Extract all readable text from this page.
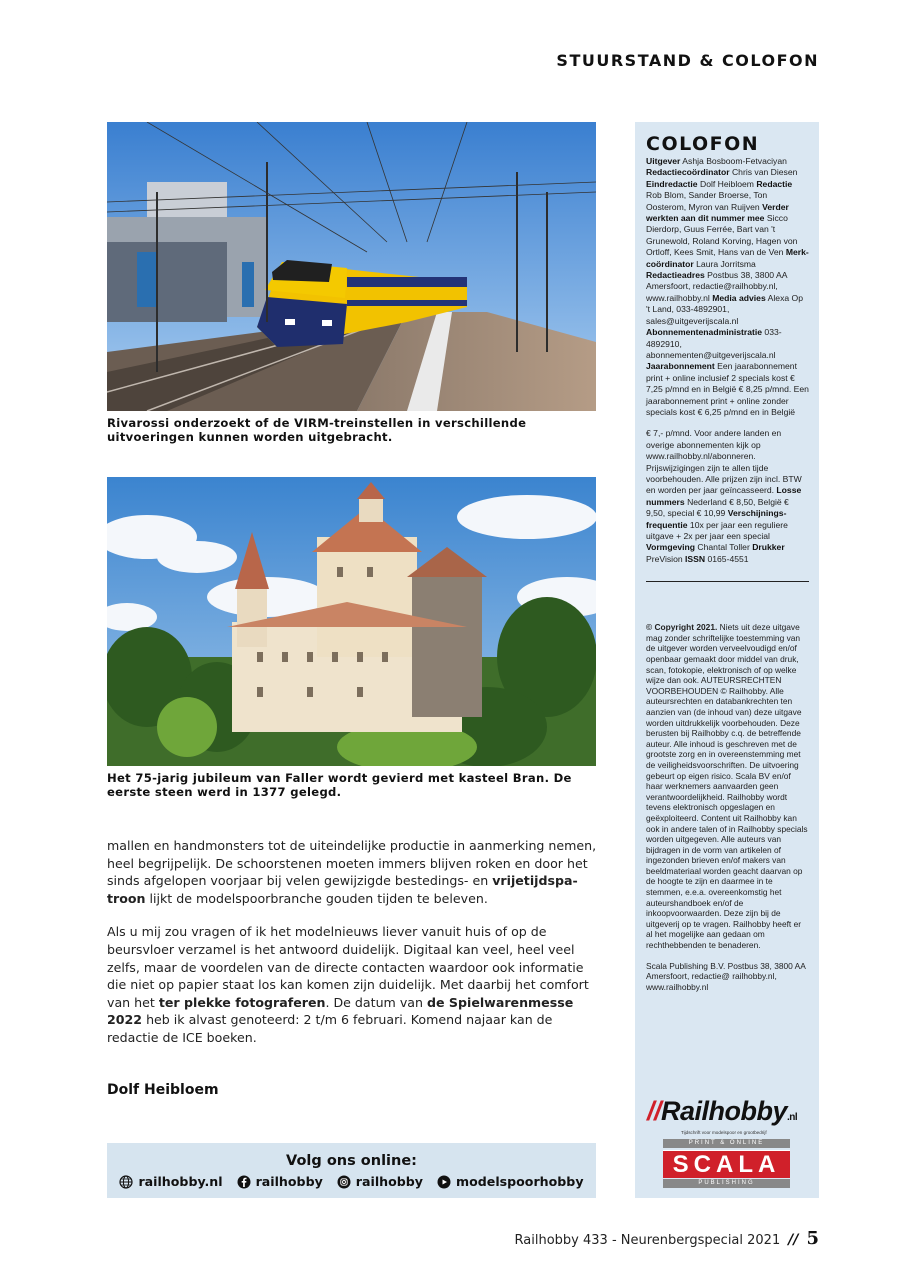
STUURSTAND & COLOFON
Rivarossi onderzoekt of de VIRM-treinstellen in verschillende uitvoeringen kunnen worden uitgebracht.
Het 75-jarig jubileum van Faller wordt gevierd met kasteel Bran. De eerste steen werd in 1377 gelegd.

mallen en handmonsters tot de uiteindelijke productie in aanmerking nemen, heel begrijpelijk. De schoorstenen moeten immers blijven roken en door het sinds afgelopen voorjaar bij velen gewijzigde bestedings- en vrijetijdspatroon lijkt de modelspoorbranche gouden tijden te beleven.

Als u mij zou vragen of ik het modelnieuws liever vanuit huis of op de beursvloer verzamel is het antwoord duidelijk. Digitaal kan veel, heel veel zelfs, maar de voordelen van de directe contacten waardoor ook informatie die niet op papier staat los kan komen zijn duidelijk. Met daarbij het comfort van het ter plekke fotograferen. De datum van de Spielwarenmesse 2022 heb ik alvast genoteerd: 2 t/m 6 februari. Komend najaar kan de redactie de ICE boeken.

Dolf Heibloem
Volg ons online:
railhobby.nl	railhobby	railhobby	modelspoorhobby
COLOFON

Uitgever Ashja Bosboom-Fetvaciyan Redactiecoördinator Chris van Diesen Eindredactie Dolf Heibloem Redactie Rob Blom, Sander Broerse, Ton Oosterom, Myron van Ruijven Verder werkten aan dit nummer mee Sicco Dierdorp, Guus Ferrée, Bart van 't Grunewold, Roland Korving, Hagen von Ortloff, Kees Smit, Hans van de Ven Merkcoördinator Laura Jorritsma Redactieadres Postbus 38, 3800 AA Amersfoort, redactie@railhobby.nl, www.railhobby.nl Media advies Alexa Op 't Land, 033-4892901, sales@uitgeverijscala.nl Abonnementenadministratie 033-4892910, abonnementen@uitgeverijscala.nl Jaarabonnement Een jaarabonnement print + online inclusief 2 specials kost € 7,25 p/mnd en in België € 8,25 p/mnd. Een jaarabonnement print + online zonder specials kost € 6,25 p/mnd en in België

€ 7,- p/mnd. Voor andere landen en overige abonnementen kijk op www.railhobby.nl/abonneren. Prijswijzigingen zijn te allen tijde voorbehouden. Alle prijzen zijn incl. BTW en worden per jaar geïncasseerd. Losse nummers Nederland € 8,50, België € 9,50, special € 10,99 Verschijningsfrequentie 10x per jaar een reguliere uitgave + 2x per jaar een special Vormgeving Chantal Toller Drukker PreVision ISSN 0165-4551

© Copyright 2021. Niets uit deze uitgave mag zonder schriftelijke toestemming van de uitgever worden verveelvoudigd en/of openbaar gemaakt door middel van druk, scan, fotokopie, elektronisch of op welke wijze dan ook. AUTEURSRECHTEN VOORBEHOUDEN © Railhobby. Alle auteursrechten en databankrechten ten aanzien van (de inhoud van) deze uitgave worden uitdrukkelijk voorbehouden. Deze berusten bij Railhobby c.q. de betreffende auteur. Alle inhoud is geschreven met de grootste zorg en in overeenstemming met de veiligheidsvoorschriften. De uitvoering gebeurt op eigen risico. Scala BV en/of haar werknemers aanvaarden geen verantwoordelijkheid. Railhobby wordt tevens elektronisch opgeslagen en geëxploiteerd. Content uit Railhobby kan ook in andere talen of in Railhobby specials worden uitgegeven. Alle auteurs van bijdragen in de vorm van artikelen of ingezonden brieven en/of makers van beeldmateriaal worden geacht daarvan op de hoogte te zijn en daarmee in te stemmen, e.e.a. overeenkomstig het auteurshandboek en/of de inkoopvoorwaarden. Deze zijn bij de uitgeverij op te vragen. Railhobby heeft er al het mogelijke aan gedaan om rechthebbenden te benaderen.

Scala Publishing B.V. Postbus 38, 3800 AA Amersfoort, redactie@ railhobby.nl, www.railhobby.nl

//Railhobby.nl
Tijdschrift voor modelspoor en grootbedrijf
PRINT & ONLINE
SCALA
PUBLISHING
Railhobby 433 - Neurenbergspecial 2021 // 5
